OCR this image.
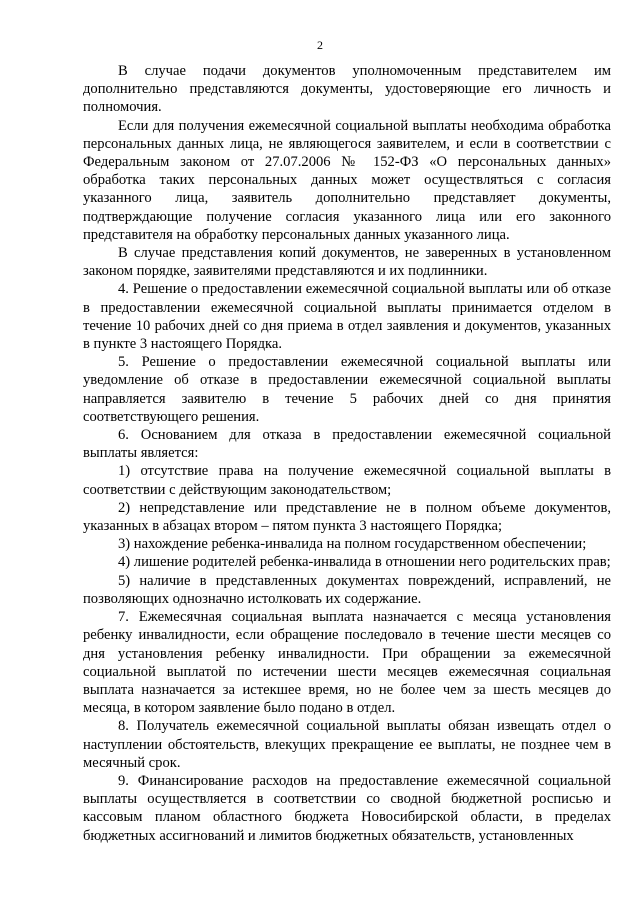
2

В случае подачи документов уполномоченным представителем им дополнительно представляются документы, удостоверяющие его личность и полномочия.

Если для получения ежемесячной социальной выплаты необходима обработка персональных данных лица, не являющегося заявителем, и если в соответствии с Федеральным законом от 27.07.2006 № 152-ФЗ «О персональных данных» обработка таких персональных данных может осуществляться с согласия указанного лица, заявитель дополнительно представляет документы, подтверждающие получение согласия указанного лица или его законного представителя на обработку персональных данных указанного лица.

В случае представления копий документов, не заверенных в установленном законом порядке, заявителями представляются и их подлинники.

4. Решение о предоставлении ежемесячной социальной выплаты или об отказе в предоставлении ежемесячной социальной выплаты принимается отделом в течение 10 рабочих дней со дня приема в отдел заявления и документов, указанных в пункте 3 настоящего Порядка.

5. Решение о предоставлении ежемесячной социальной выплаты или уведомление об отказе в предоставлении ежемесячной социальной выплаты направляется заявителю в течение 5 рабочих дней со дня принятия соответствующего решения.

6. Основанием для отказа в предоставлении ежемесячной социальной выплаты является:

1) отсутствие права на получение ежемесячной социальной выплаты в соответствии с действующим законодательством;

2) непредставление или представление не в полном объеме документов, указанных в абзацах втором – пятом пункта 3 настоящего Порядка;

3) нахождение ребенка-инвалида на полном государственном обеспечении;

4) лишение родителей ребенка-инвалида в отношении него родительских прав;

5) наличие в представленных документах повреждений, исправлений, не позволяющих однозначно истолковать их содержание.

7. Ежемесячная социальная выплата назначается с месяца установления ребенку инвалидности, если обращение последовало в течение шести месяцев со дня установления ребенку инвалидности. При обращении за ежемесячной социальной выплатой по истечении шести месяцев ежемесячная социальная выплата назначается за истекшее время, но не более чем за шесть месяцев до месяца, в котором заявление было подано в отдел.

8. Получатель ежемесячной социальной выплаты обязан извещать отдел о наступлении обстоятельств, влекущих прекращение ее выплаты, не позднее чем в месячный срок.

9. Финансирование расходов на предоставление ежемесячной социальной выплаты осуществляется в соответствии со сводной бюджетной росписью и кассовым планом областного бюджета Новосибирской области, в пределах бюджетных ассигнований и лимитов бюджетных обязательств, установленных
